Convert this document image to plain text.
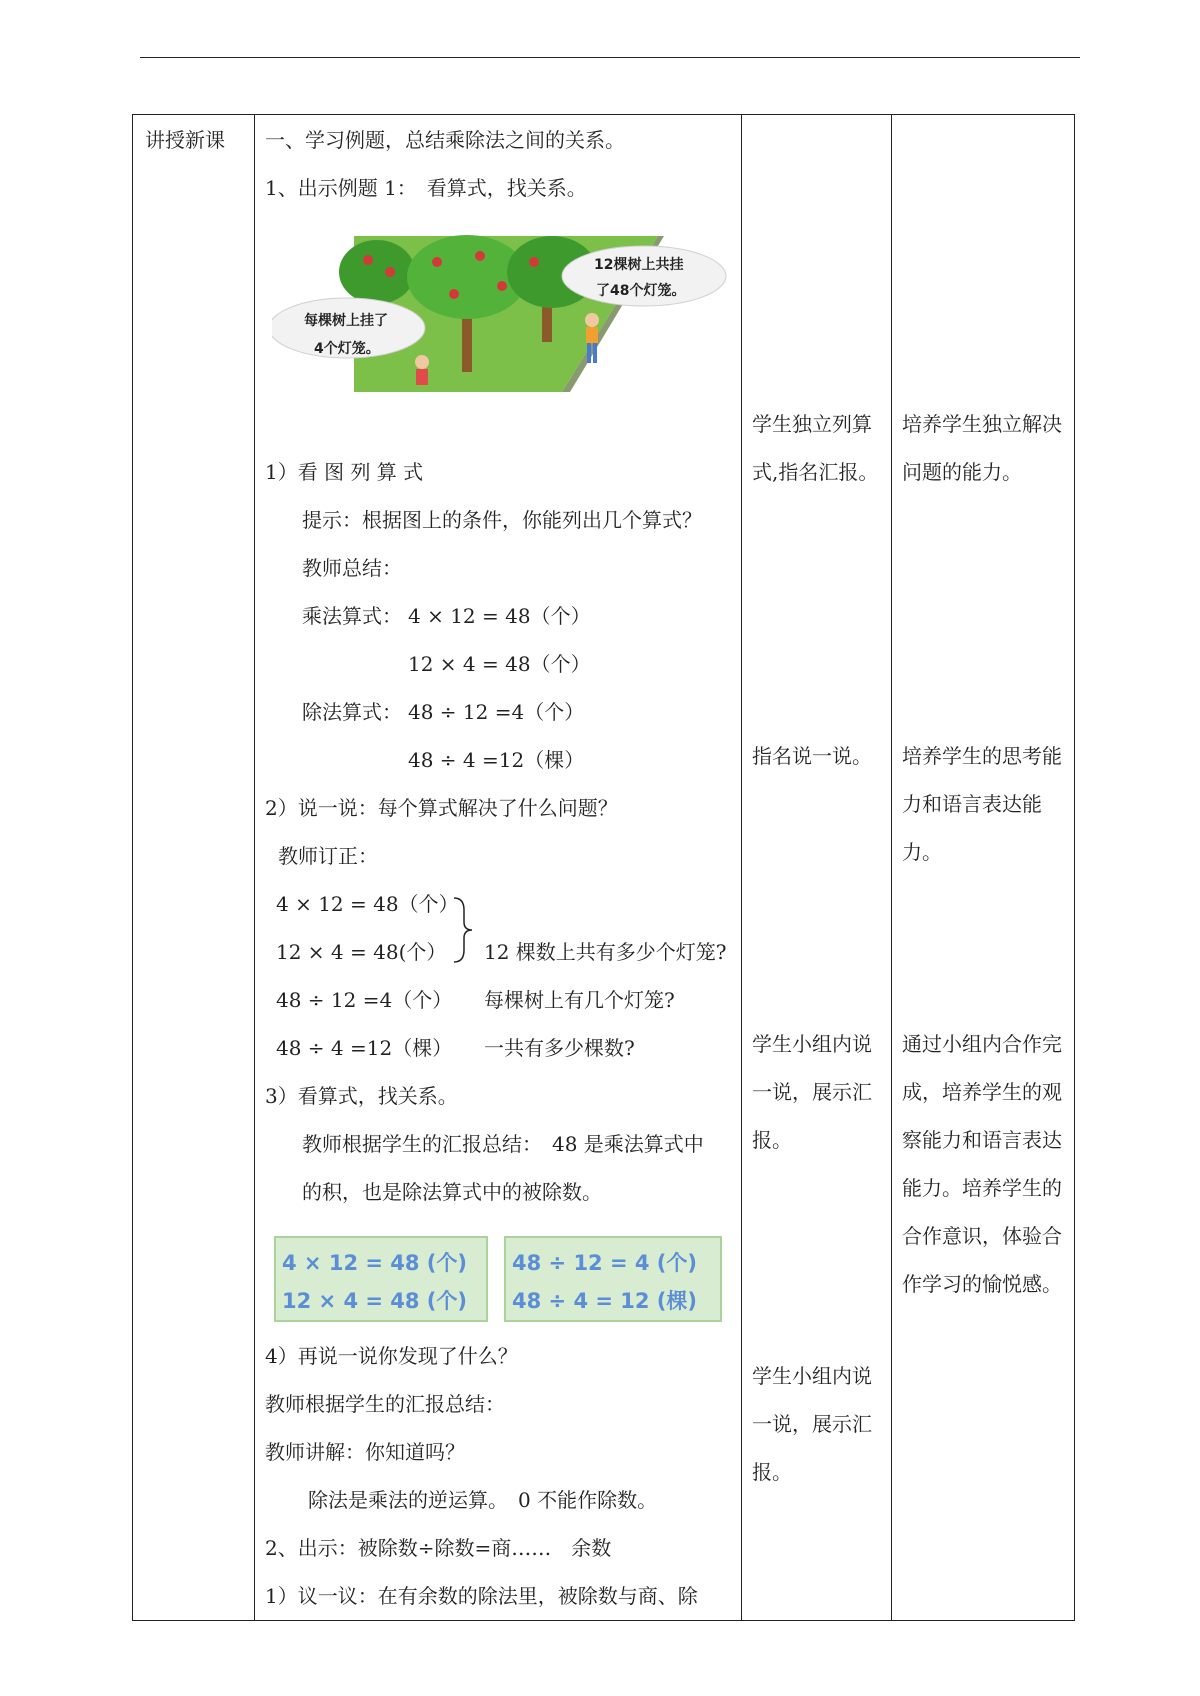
讲授新课 一、学习例题，总结乘除法之间的关系。
1、出示例题 1：　看算式，找关系。
每棵树上挂了
4个灯笼。
12棵树上共挂
了48个灯笼。
1）看 图 列 算 式
提示：根据图上的条件，你能列出几个算式？
教师总结：
乘法算式： 4 × 12 = 48（个）
12 × 4 = 48（个）
除法算式： 48 ÷ 12 =4（个）
48 ÷ 4 =12（棵）
2）说一说：每个算式解决了什么问题？
教师订正：
4 × 12 = 48（个）
12 × 4 = 48(个） 12 棵数上共有多少个灯笼?
48 ÷ 12 =4（个） 每棵树上有几个灯笼?
48 ÷ 4 =12（棵） 一共有多少棵数?
3）看算式，找关系。
教师根据学生的汇报总结：　48 是乘法算式中
的积，也是除法算式中的被除数。
4 × 12 = 48 (个)
12 × 4 = 48 (个)
48 ÷ 12 = 4 (个)
48 ÷ 4 = 12 (棵)
4）再说一说你发现了什么？
教师根据学生的汇报总结：
教师讲解：你知道吗？
除法是乘法的逆运算。　0 不能作除数。
2、出示：被除数÷除数=商……　余数
1）议一议：在有余数的除法里，被除数与商、除
学生独立列算式,指名汇报。
指名说一说。
学生小组内说一说，展示汇报。
学生小组内说一说，展示汇报。
培养学生独立解决问题的能力。
培养学生的思考能力和语言表达能力。
通过小组内合作完成，培养学生的观察能力和语言表达能力。培养学生的合作意识，体验合作学习的愉悦感。
